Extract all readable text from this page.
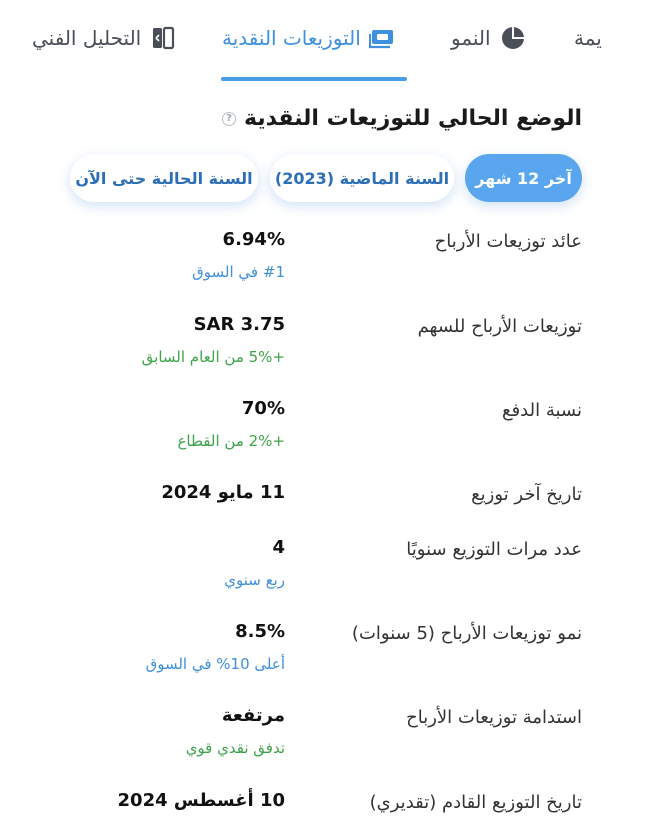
يمة
النمو
التوزيعات النقدية
التحليل الفني
الوضع الحالي للتوزيعات النقدية
?
آخر 12 شهر
السنة الماضية (2023)
السنة الحالية حتى الآن
عائد توزيعات الأرباح
6.94%
#1 في السوق
توزيعات الأرباح للسهم
SAR 3.75
+5% من العام السابق
نسبة الدفع
70%
+2% من القطاع
تاريخ آخر توزيع
11 مايو 2024
عدد مرات التوزيع سنويًا
4
ربع سنوي
نمو توزيعات الأرباح (5 سنوات)
8.5%
أعلى 10% في السوق
استدامة توزيعات الأرباح
مرتفعة
تدفق نقدي قوي
تاريخ التوزيع القادم (تقديري)
10 أغسطس 2024
